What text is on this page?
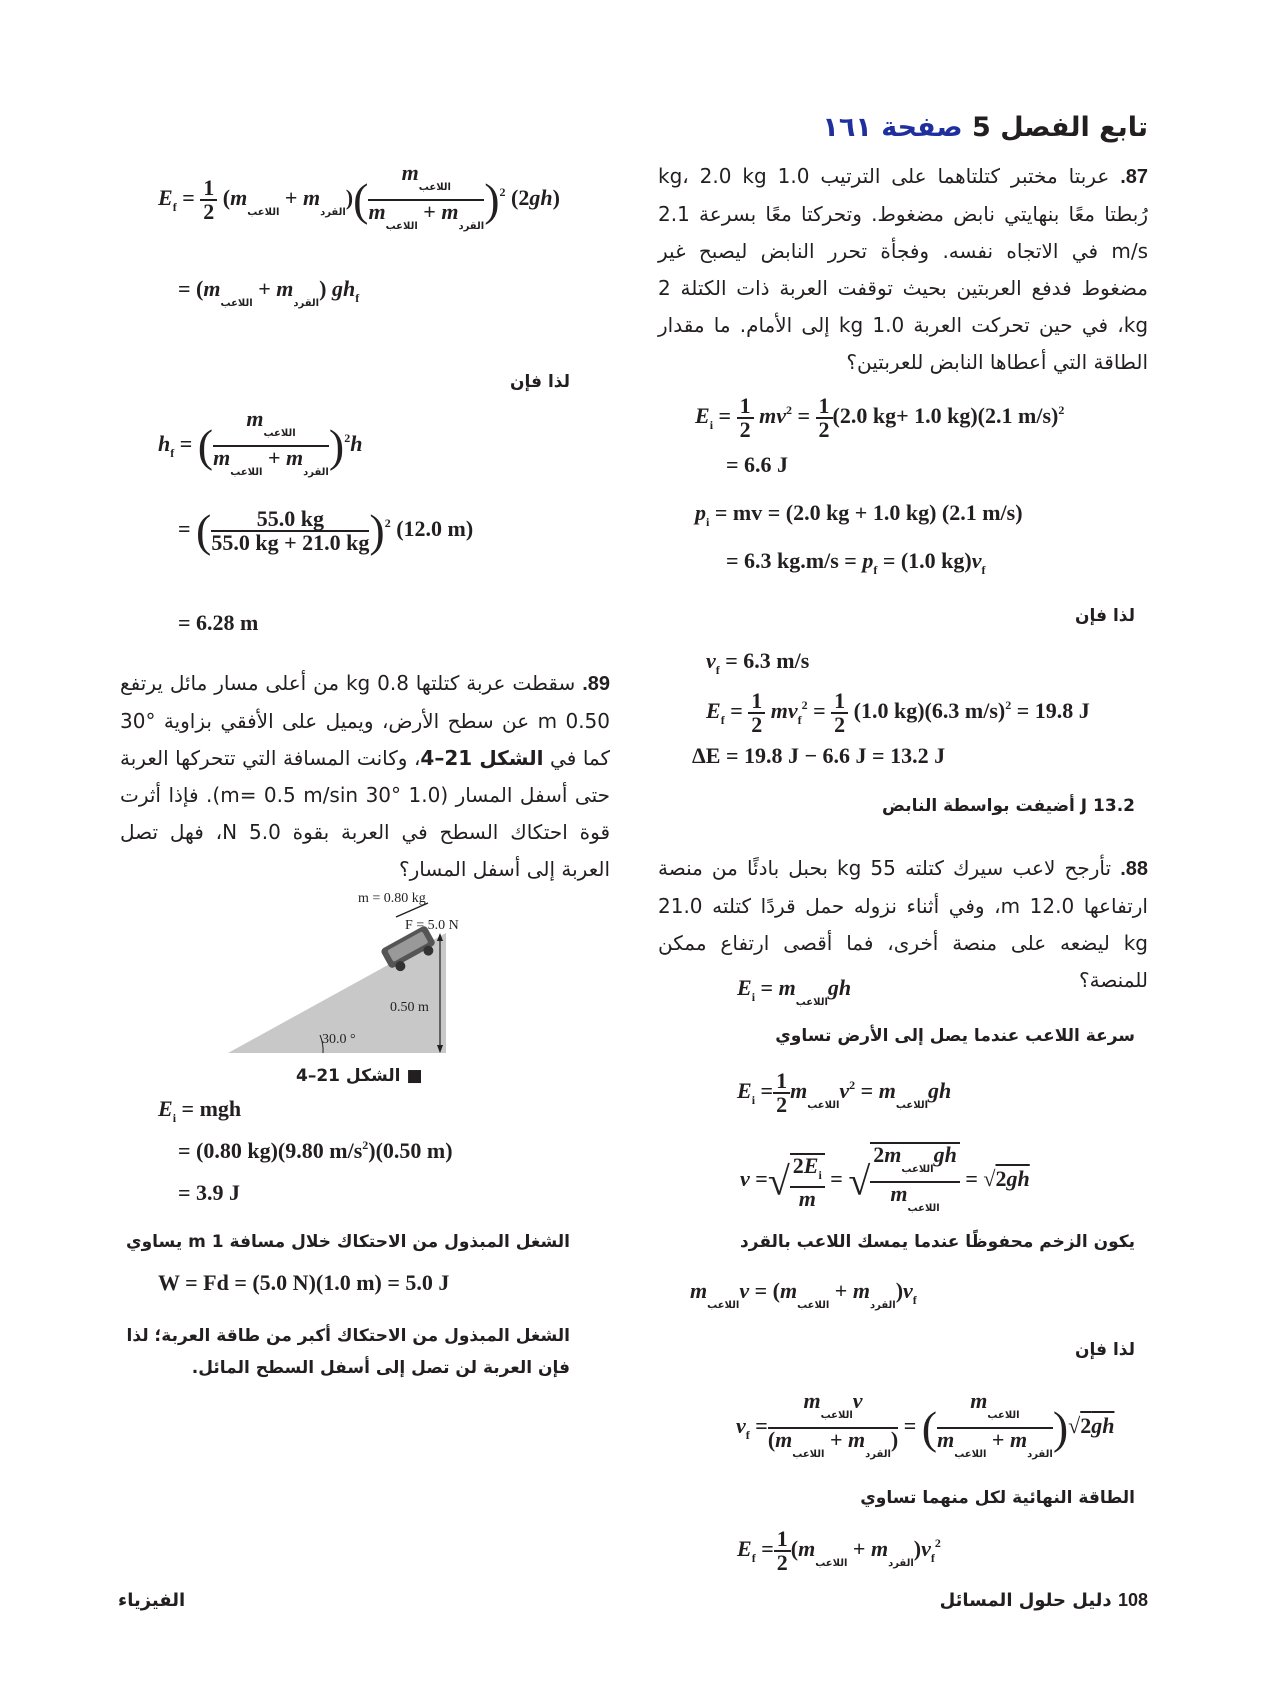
تابع الفصل 5 صفحة ١٦١
87. عربتا مختبر كتلتاهما على الترتيب 1.0 kg، 2.0 kg رُبطتا معًا بنهايتي نابض مضغوط. وتحركتا معًا بسرعة 2.1 m/s في الاتجاه نفسه. وفجأة تحرر النابض ليصبح غير مضغوط فدفع العربتين بحيث توقفت العربة ذات الكتلة 2 kg، في حين تحركت العربة 1.0 kg إلى الأمام. ما مقدار الطاقة التي أعطاها النابض للعربتين؟
$E_i = \frac{1}{2} mv^2 = \frac{1}{2} (2.0$ kg+ 1.0 kg)(2.1 m/s)$^2$
= 6.6 J
$p_i$ = mv = (2.0 kg + 1.0 kg) (2.1 m/s)
= 6.3 $kg.m/s = p_f = (1.0$ $kg)v_f$
لذا فإن
$v_f = 6.3$ m/s
$E_f = \frac{1}{2} mv_f^2 = \frac{1}{2} (1.0$ kg)(6.3 m/s)$^2$ = 19.8 J
ΔE = 19.8 J − 6.6 J = 13.2 J
13.2 J أضيفت بواسطة النابض
88. تأرجح لاعب سيرك كتلته 55 kg بحبل بادئًا من منصة ارتفاعها 12.0 m، وفي أثناء نزوله حمل قردًا كتلته 21.0 kg ليضعه على منصة أخرى، فما أقصى ارتفاع ممكن للمنصة؟
$E_i = m_{اللاعب}gh$
سرعة اللاعب عندما يصل إلى الأرض تساوي
$E_i = \frac{1}{2} m_{اللاعب}v^2 = m_{اللاعب}gh$
v =√ $\frac{2E_i}{m}$ = √ $\frac{2m_{اللاعب}gh}{m_{اللاعب}} = √2gh$
يكون الزخم محفوظًا عندما يمسك اللاعب بالقرد
$m_{اللاعب}v = (m_{اللاعب} + m_{القرد})v_f$
لذا فإن
$v_f = \frac{m_{اللاعب}v}{(m_{اللاعب} + m_{القرد})}$ = ( $\frac{m_{اللاعب}}{m_{اللاعب} + m_{القرد}} )√2gh$
الطاقة النهائية لكل منهما تساوي
$E_f = \frac{1}{2} (m_{اللاعب} + m_{القرد})v_f^2$
$E_f = \frac{1}{2} (m_{اللاعب} + m_{القرد})( \frac{m_{اللاعب}}{m_{اللاعب} + m_{القرد}} )^2$ (2gh)
= $(m_{اللاعب} + m_{القرد})$ $gh_f$
لذا فإن
$h_f$ = ( $\frac{m_{اللاعب}}{m_{اللاعب} + m_{القرد}} )^2h$
= ( $\frac{55.0 kg}{55.0 kg + 21.0 kg} )^2$ (12.0 m)
= 6.28 m
89. سقطت عربة كتلتها 0.8 kg من أعلى مسار مائل يرتفع 0.50 m عن سطح الأرض، ويميل على الأفقي بزاوية °30 كما في الشكل 21–4، وكانت المسافة التي تتحركها العربة حتى أسفل المسار (1.0 m= 0.5 m/sin 30°). فإذا أثرت قوة احتكاك السطح في العربة بقوة 5.0 N، فهل تصل العربة إلى أسفل المسار؟
m = 0.80 kg
F = 5.0 N
0.50 m
30.0 °
■ الشكل 21–4
$E_i$ = mgh
= (0.80 kg)(9.80 $m/s^2)(0.50$ m)
= 3.9 J
الشغل المبذول من الاحتكاك خلال مسافة 1 m يساوي
W = Fd = (5.0 N)(1.0 m) = 5.0 J
الشغل المبذول من الاحتكاك أكبر من طاقة العربة؛ لذا فإن العربة لن تصل إلى أسفل السطح المائل.
108 دليل حلول المسائل
الفيزياء
